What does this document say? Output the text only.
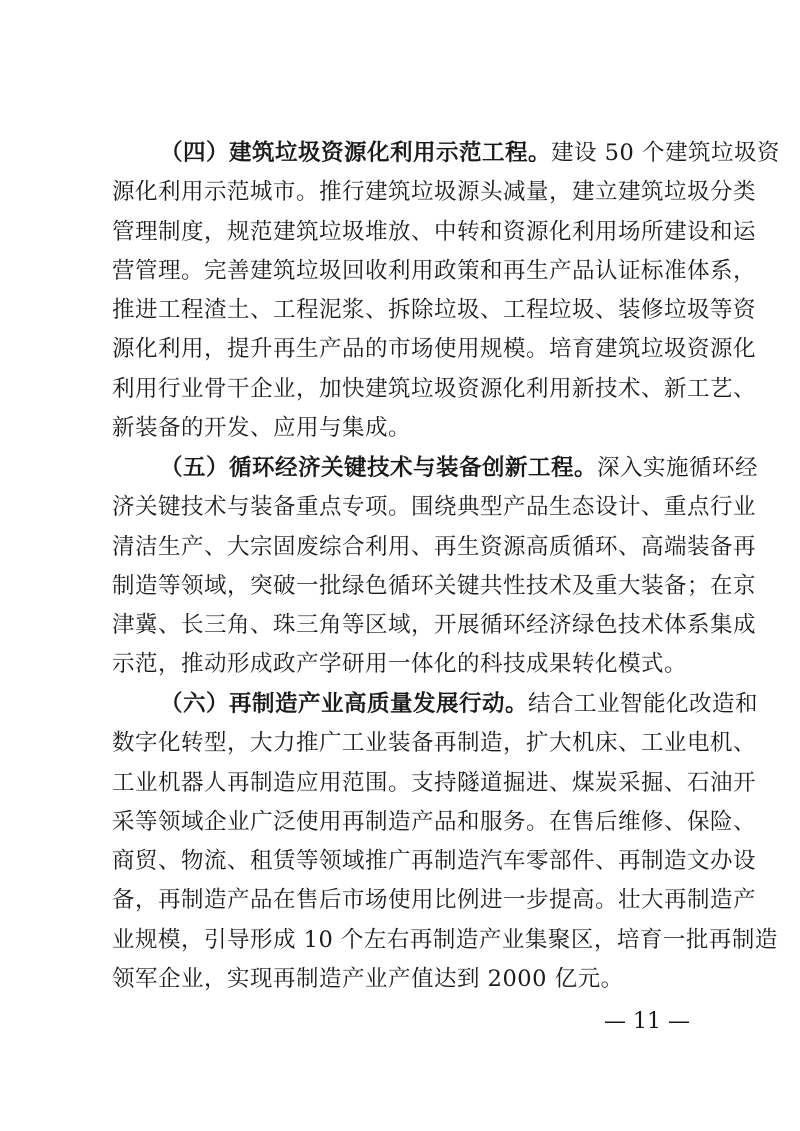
（四）建筑垃圾资源化利用示范工程。建设 50 个建筑垃圾资
源化利用示范城市。推行建筑垃圾源头减量，建立建筑垃圾分类
管理制度，规范建筑垃圾堆放、中转和资源化利用场所建设和运
营管理。完善建筑垃圾回收利用政策和再生产品认证标准体系，
推进工程渣土、工程泥浆、拆除垃圾、工程垃圾、装修垃圾等资
源化利用，提升再生产品的市场使用规模。培育建筑垃圾资源化
利用行业骨干企业，加快建筑垃圾资源化利用新技术、新工艺、
新装备的开发、应用与集成。
（五）循环经济关键技术与装备创新工程。深入实施循环经
济关键技术与装备重点专项。围绕典型产品生态设计、重点行业
清洁生产、大宗固废综合利用、再生资源高质循环、高端装备再
制造等领域，突破一批绿色循环关键共性技术及重大装备；在京
津冀、长三角、珠三角等区域，开展循环经济绿色技术体系集成
示范，推动形成政产学研用一体化的科技成果转化模式。
（六）再制造产业高质量发展行动。结合工业智能化改造和
数字化转型，大力推广工业装备再制造，扩大机床、工业电机、
工业机器人再制造应用范围。支持隧道掘进、煤炭采掘、石油开
采等领域企业广泛使用再制造产品和服务。在售后维修、保险、
商贸、物流、租赁等领域推广再制造汽车零部件、再制造文办设
备，再制造产品在售后市场使用比例进一步提高。壮大再制造产
业规模，引导形成 10 个左右再制造产业集聚区，培育一批再制造
领军企业，实现再制造产业产值达到 2000 亿元。
— 11 —
